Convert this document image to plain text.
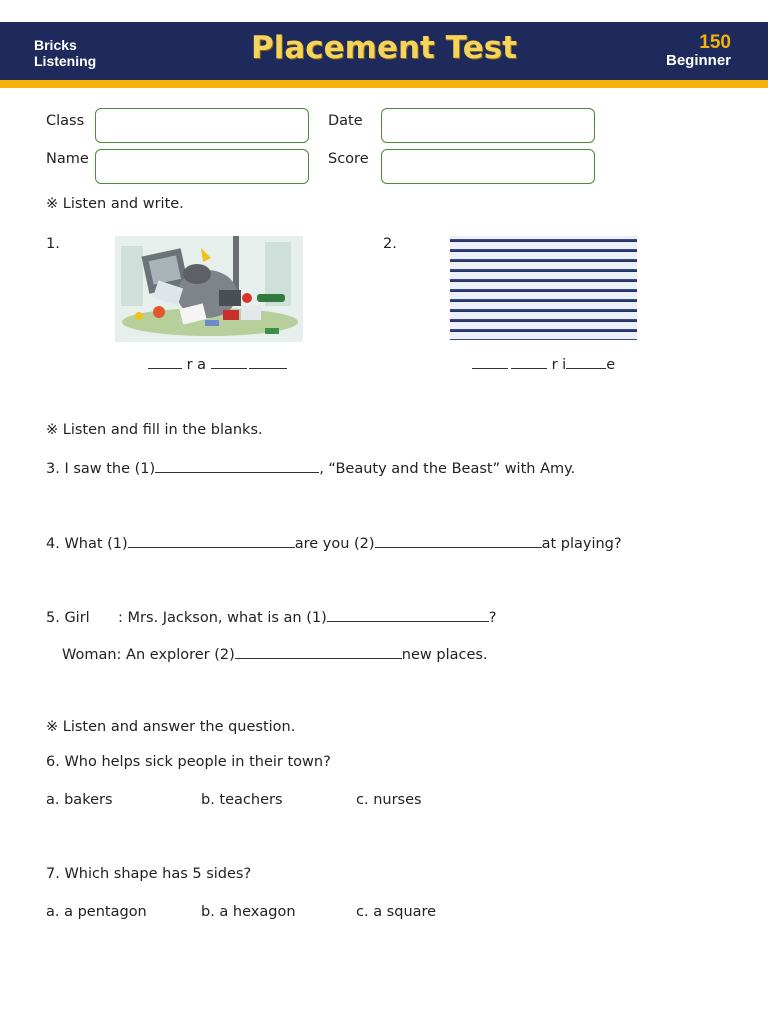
Bricks
Listening	Placement Test	150
Beginner
Class	Date
Name	Score
※ Listen and write.
1.
r a
2.
r i	e
※ Listen and fill in the blanks.
3. I saw the (1)	, “Beauty and the Beast” with Amy.
4. What (1)	are you (2)	at playing?
5. Girl : Mrs. Jackson, what is an (1)	?
Woman: An explorer (2)	new places.
※ Listen and answer the question.
6. Who helps sick people in their town?
a. bakers	b. teachers	c. nurses
7. Which shape has 5 sides?
a. a pentagon	b. a hexagon	c. a square
